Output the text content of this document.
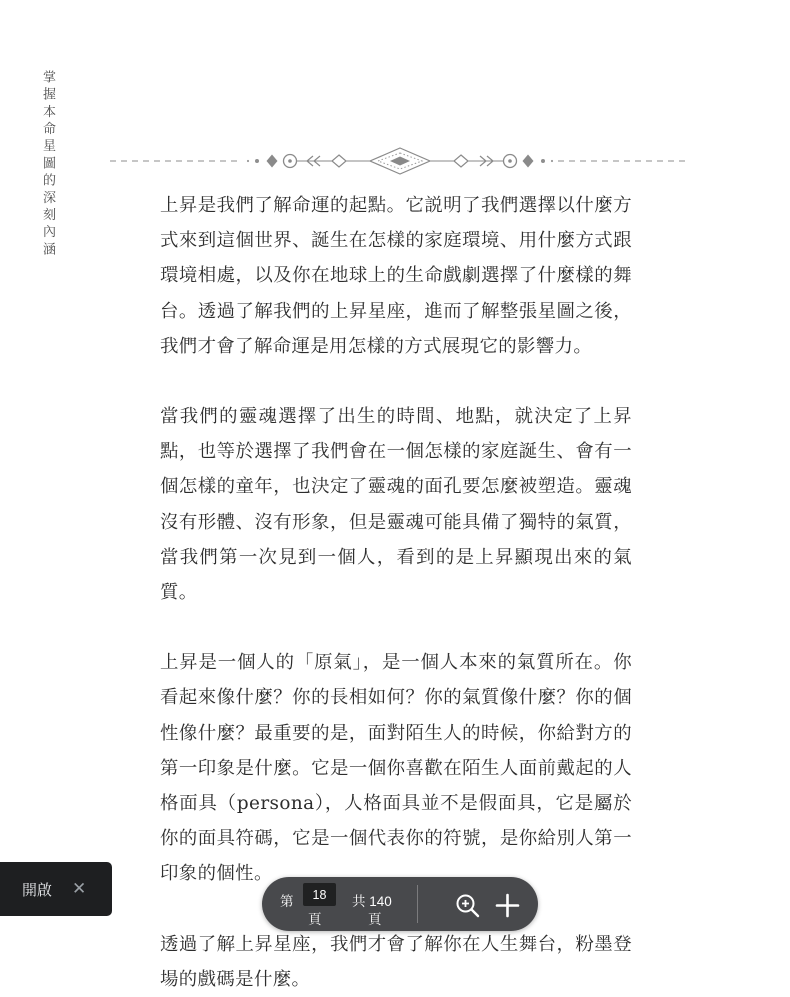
掌握本命星圖的深刻內涵	上昇是我們了解命運的起點。它説明了我們選擇以什麼方式來到這個世界、誕生在怎樣的家庭環境、用什麼方式跟環境相處，以及你在地球上的生命戲劇選擇了什麼樣的舞台。透過了解我們的上昇星座，進而了解整張星圖之後，我們才會了解命運是用怎樣的方式展現它的影響力。

當我們的靈魂選擇了出生的時間、地點，就決定了上昇點，也等於選擇了我們會在一個怎樣的家庭誕生、會有一個怎樣的童年，也決定了靈魂的面孔要怎麼被塑造。靈魂沒有形體、沒有形象，但是靈魂可能具備了獨特的氣質，當我們第一次見到一個人，看到的是上昇顯現出來的氣質。

上昇是一個人的「原氣」，是一個人本來的氣質所在。你看起來像什麼？你的長相如何？你的氣質像什麼？你的個性像什麼？最重要的是，面對陌生人的時候，你給對方的第一印象是什麼。它是一個你喜歡在陌生人面前戴起的人格面具（persona），人格面具並不是假面具，它是屬於你的面具符碼，它是一個代表你的符號，是你給別人第一印象的個性。

透過了解上昇星座，我們才會了解你在人生舞台，粉墨登場的戲碼是什麼。

第
18
頁
共 140
頁
開啟 ✕
